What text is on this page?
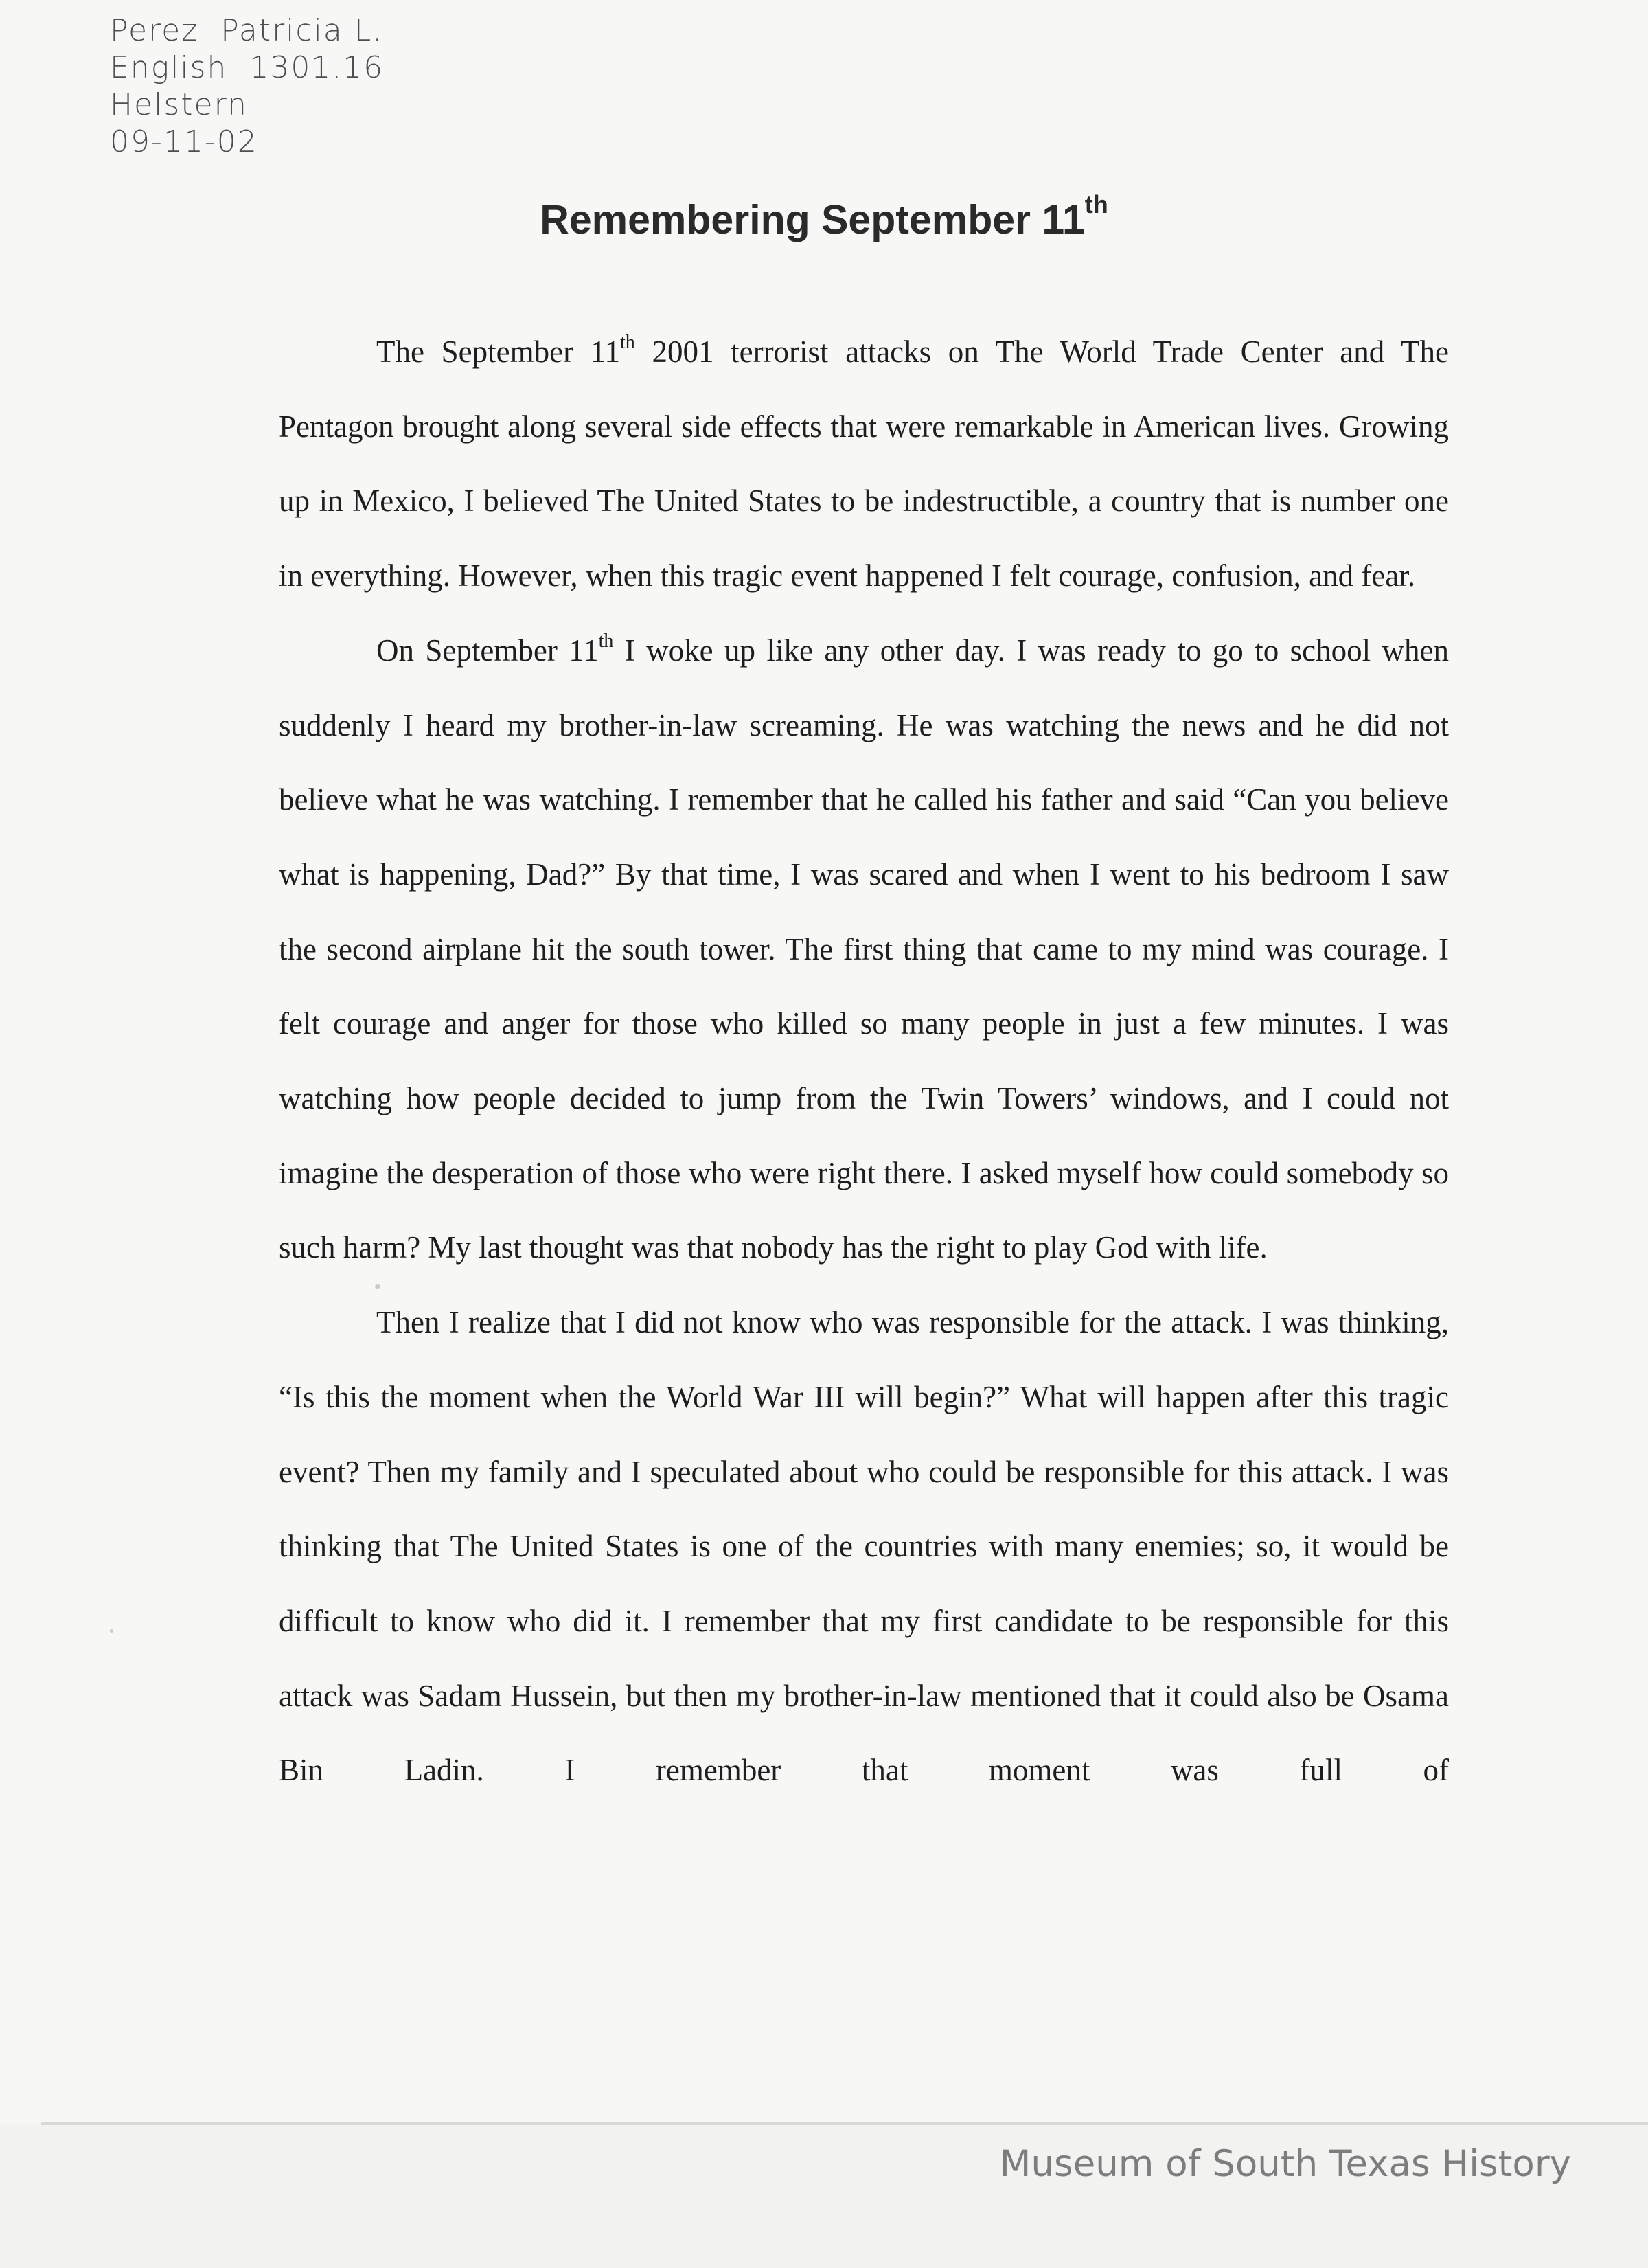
Perez  Patricia L.
English  1301.16
Helstern
09-11-02
Remembering September 11th

The September 11th 2001 terrorist attacks on The World Trade Center and The Pentagon brought along several side effects that were remarkable in American lives. Growing up in Mexico, I believed The United States to be indestructible, a country that is number one in everything. However, when this tragic event happened I felt courage, confusion, and fear.

On September 11th I woke up like any other day. I was ready to go to school when suddenly I heard my brother-in-law screaming. He was watching the news and he did not believe what he was watching. I remember that he called his father and said “Can you believe what is happening, Dad?” By that time, I was scared and when I went to his bedroom I saw the second airplane hit the south tower. The first thing that came to my mind was courage. I felt courage and anger for those who killed so many people in just a few minutes. I was watching how people decided to jump from the Twin Towers’ windows, and I could not imagine the desperation of those who were right there. I asked myself how could somebody so such harm? My last thought was that nobody has the right to play God with life.

Then I realize that I did not know who was responsible for the attack. I was thinking, “Is this the moment when the World War III will begin?” What will happen after this tragic event? Then my family and I speculated about who could be responsible for this attack. I was thinking that The United States is one of the countries with many enemies; so, it would be difficult to know who did it. I remember that my first candidate to be responsible for this attack was Sadam Hussein, but then my brother-in-law mentioned that it could also be Osama Bin Ladin. I remember that moment was full of

Museum of South Texas History
